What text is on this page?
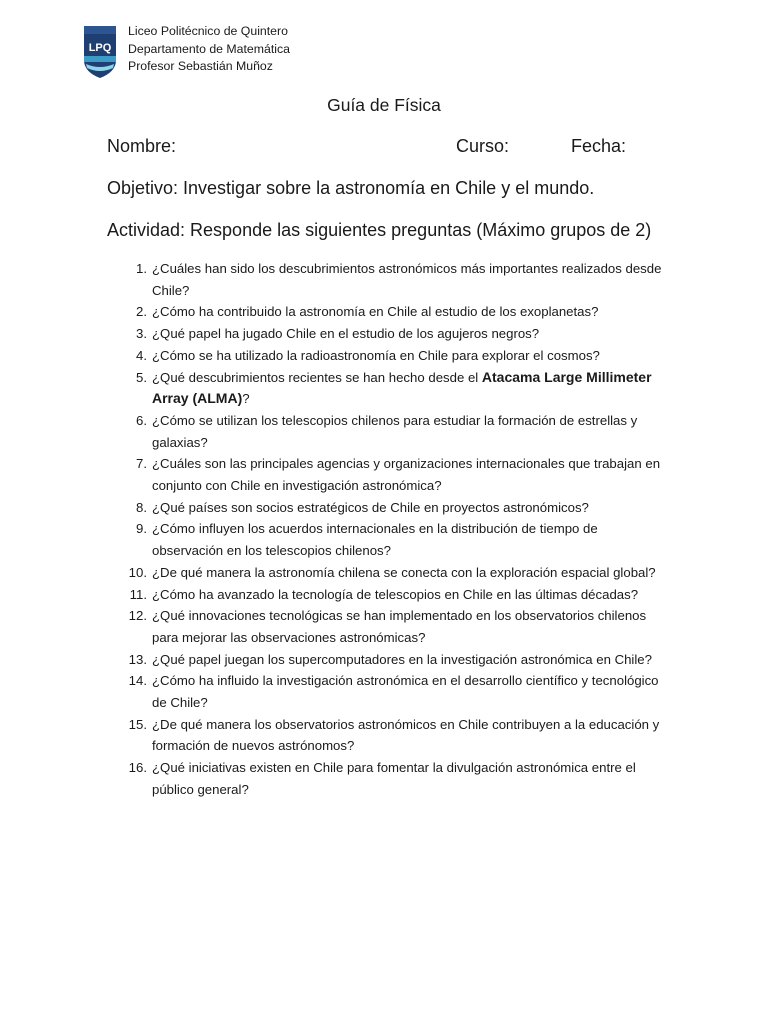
LPQ
Liceo Politécnico de Quintero
Departamento de Matemática
Profesor Sebastián Muñoz
Guía de Física
Nombre:	Curso:	Fecha:
Objetivo: Investigar sobre la astronomía en Chile y el mundo.
Actividad: Responde las siguientes preguntas (Máximo grupos de 2)
1. ¿Cuáles han sido los descubrimientos astronómicos más importantes realizados desde Chile?
2. ¿Cómo ha contribuido la astronomía en Chile al estudio de los exoplanetas?
3. ¿Qué papel ha jugado Chile en el estudio de los agujeros negros?
4. ¿Cómo se ha utilizado la radioastronomía en Chile para explorar el cosmos?
5. ¿Qué descubrimientos recientes se han hecho desde el Atacama Large Millimeter Array (ALMA)?
6. ¿Cómo se utilizan los telescopios chilenos para estudiar la formación de estrellas y galaxias?
7. ¿Cuáles son las principales agencias y organizaciones internacionales que trabajan en conjunto con Chile en investigación astronómica?
8. ¿Qué países son socios estratégicos de Chile en proyectos astronómicos?
9. ¿Cómo influyen los acuerdos internacionales en la distribución de tiempo de observación en los telescopios chilenos?
10. ¿De qué manera la astronomía chilena se conecta con la exploración espacial global?
11. ¿Cómo ha avanzado la tecnología de telescopios en Chile en las últimas décadas?
12. ¿Qué innovaciones tecnológicas se han implementado en los observatorios chilenos para mejorar las observaciones astronómicas?
13. ¿Qué papel juegan los supercomputadores en la investigación astronómica en Chile?
14. ¿Cómo ha influido la investigación astronómica en el desarrollo científico y tecnológico de Chile?
15. ¿De qué manera los observatorios astronómicos en Chile contribuyen a la educación y formación de nuevos astrónomos?
16. ¿Qué iniciativas existen en Chile para fomentar la divulgación astronómica entre el público general?
